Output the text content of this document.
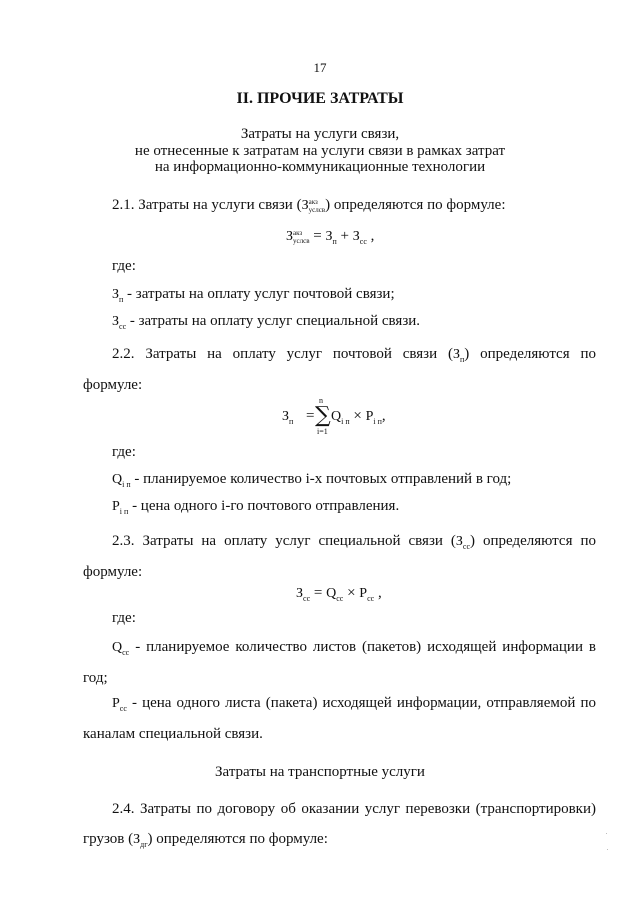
17
II. ПРОЧИЕ ЗАТРАТЫ
Затраты на услуги связи,
не отнесенные к затратам на услуги связи в рамках затрат
на информационно-коммуникационные технологии
2.1. Затраты на услуги связи (З акз
услсв ) определяются по формуле:
З акз
услсв = $З_п + З_{сс}$ ,
где:
$З_п$ - затраты на оплату услуг почтовой связи;
$З_{сс}$ - затраты на оплату услуг специальной связи.
2.2. Затраты на оплату услуг почтовой связи $(З_п)$ определяются по
формуле:
$З_п$ =
n
∑
i=1
$Q_{i п} \times P_{i п}$,
где:
$Q_{i п}$ - планируемое количество i-х почтовых отправлений в год;
$P_{i п}$ - цена одного i-го почтового отправления.
2.3. Затраты на оплату услуг специальной связи $(З_{сс})$ определяются по
формуле:
$З_{сс} = Q_{сс} \times P_{сс}$ ,
где:
$Q_{сс}$ - планируемое количество листов (пакетов) исходящей информации в
год;
$P_{сс}$ - цена одного листа (пакета) исходящей информации, отправляемой по
каналам специальной связи.
Затраты на транспортные услуги
2.4. Затраты по договору об оказании услуг перевозки (транспортировки)
грузов $(З_{дг})$ определяются по формуле:
